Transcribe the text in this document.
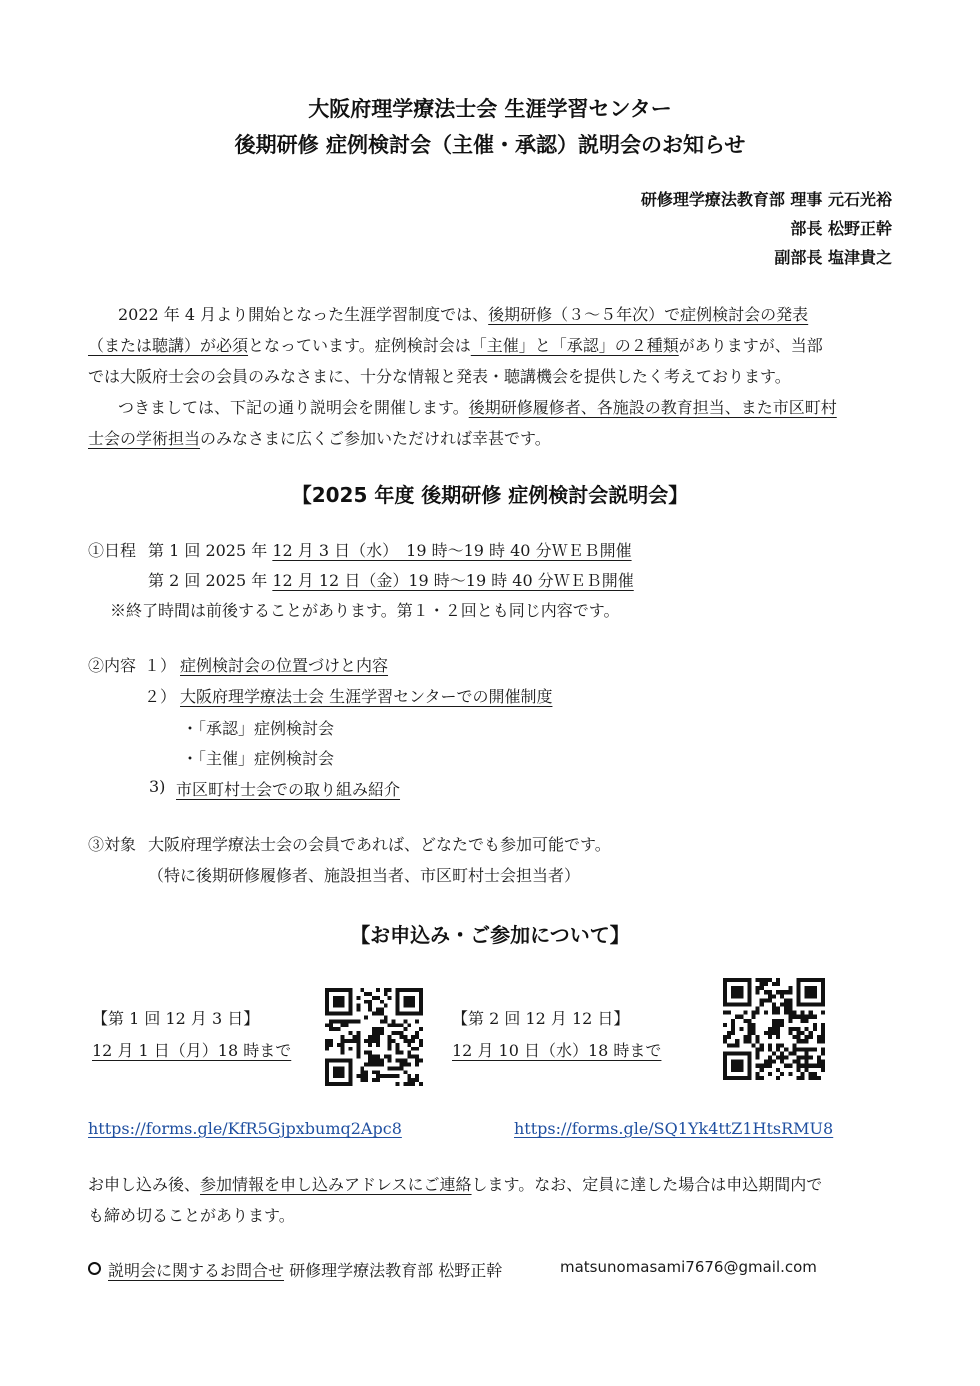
大阪府理学療法士会 生涯学習センター
後期研修 症例検討会（主催・承認）説明会のお知らせ
研修理学療法教育部 理事 元石光裕
部長 松野正幹
副部長 塩津貴之
2022 年 4 月より開始となった生涯学習制度では、後期研修（３～５年次）で症例検討会の発表
（または聴講）が必須となっています。症例検討会は「主催」と「承認」の２種類がありますが、当部
では大阪府士会の会員のみなさまに、十分な情報と発表・聴講機会を提供したく考えております。
つきましては、下記の通り説明会を開催します。後期研修履修者、各施設の教育担当、また市区町村
士会の学術担当のみなさまに広くご参加いただければ幸甚です。
【2025 年度 後期研修 症例検討会説明会】
①日程 第 1 回 2025 年 12 月 3 日（水）　19 時～19 時 40 分ＷＥＢ開催
第 2 回 2025 年 12 月 12 日（金）19 時～19 時 40 分ＷＥＢ開催
※終了時間は前後することがあります。第１・２回とも同じ内容です。
②内容 １） 症例検討会の位置づけと内容
２） 大阪府理学療法士会 生涯学習センターでの開催制度
・「承認」症例検討会
・「主催」症例検討会
3) 市区町村士会での取り組み紹介
③対象 大阪府理学療法士会の会員であれば、どなたでも参加可能です。
（特に後期研修履修者、施設担当者、市区町村士会担当者）
【お申込み・ご参加について】
【第 1 回 12 月 3 日】
12 月 1 日（月）18 時まで
【第 2 回 12 月 12 日】
12 月 10 日（水）18 時まで
https://forms.gle/KfR5Gjpxbumq2Apc8	https://forms.gle/SQ1Yk4ttZ1HtsRMU8
お申し込み後、参加情報を申し込みアドレスにご連絡します。なお、定員に達した場合は申込期間内で
も締め切ることがあります。
説明会に関するお問合せ 研修理学療法教育部 松野正幹	matsunomasami7676@gmail.com
